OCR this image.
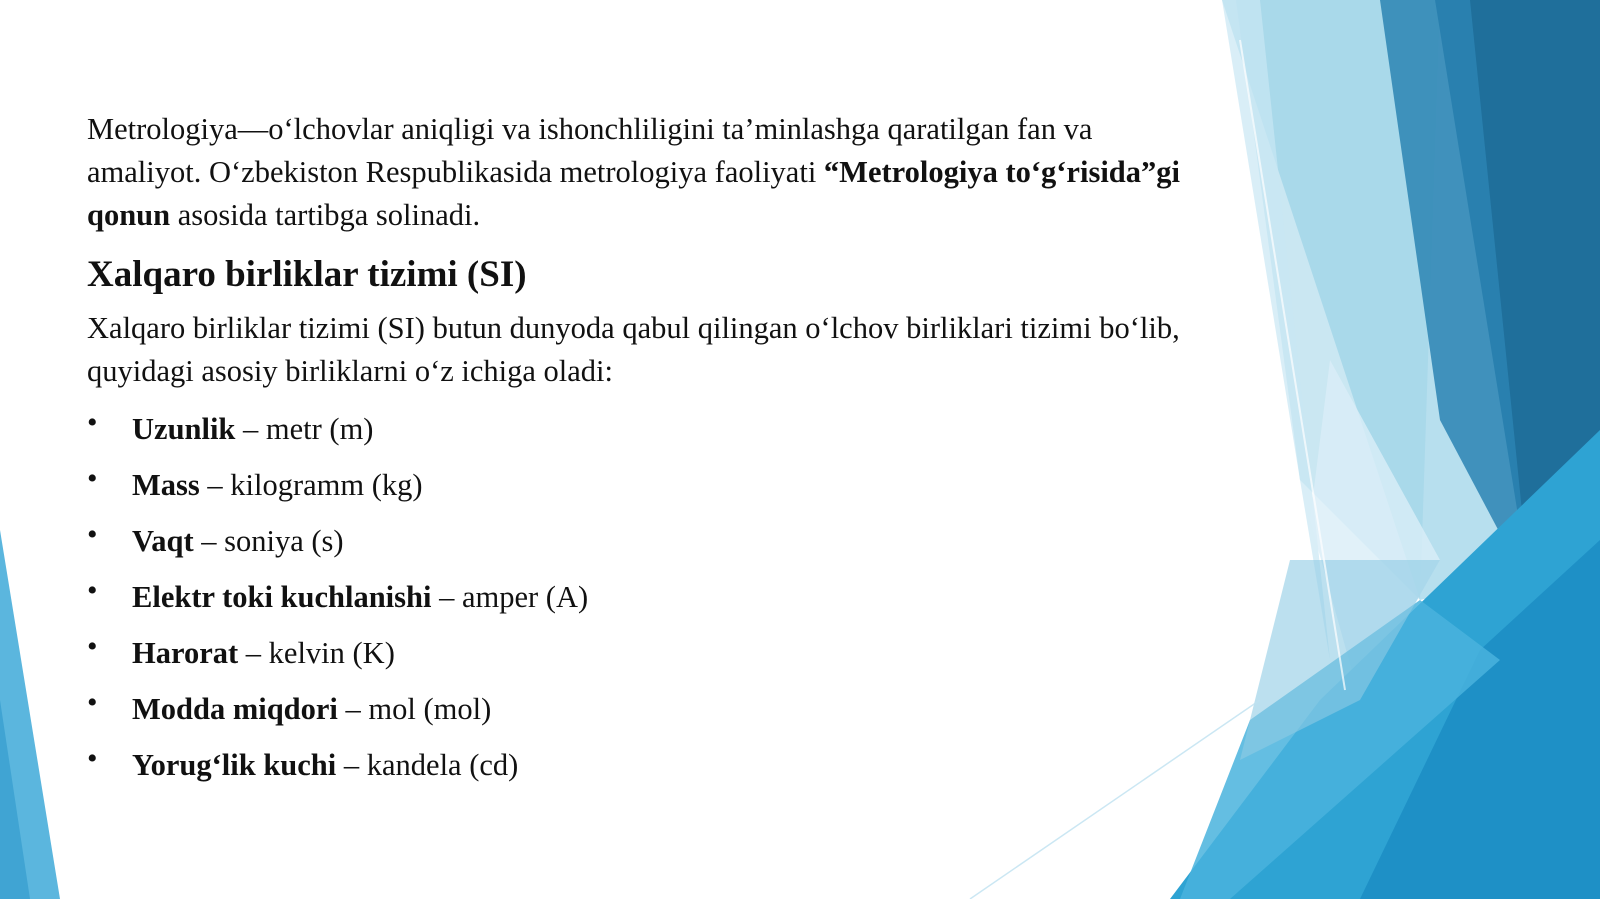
Metrologiya—o‘lchovlar aniqligi va ishonchliligini ta’minlashga qaratilgan fan va amaliyot. O‘zbekiston Respublikasida metrologiya faoliyati “Metrologiya to‘g‘risida”gi qonun asosida tartibga solinadi.

Xalqaro birliklar tizimi (SI)

Xalqaro birliklar tizimi (SI) butun dunyoda qabul qilingan o‘lchov birliklari tizimi bo‘lib, quyidagi asosiy birliklarni o‘z ichiga oladi:

• Uzunlik – metr (m)
• Mass – kilogramm (kg)
• Vaqt – soniya (s)
• Elektr toki kuchlanishi – amper (A)
• Harorat – kelvin (K)
• Modda miqdori – mol (mol)
• Yorug‘lik kuchi – kandela (cd)
